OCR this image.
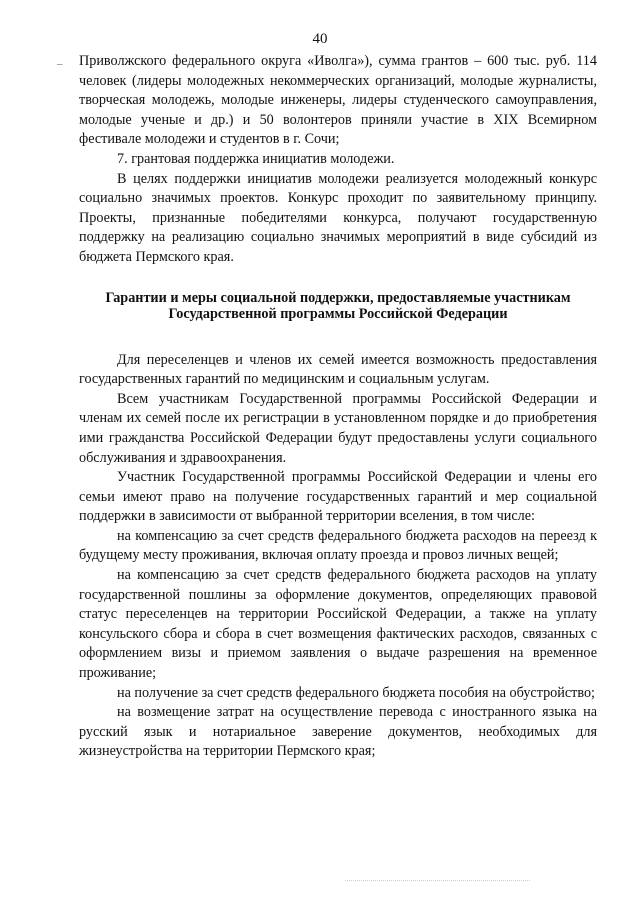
40
– Приволжского федерального округа «Иволга»), сумма грантов – 600 тыс. руб. 114 человек (лидеры молодежных некоммерческих организаций, молодые журналисты, творческая молодежь, молодые инженеры, лидеры студенческого самоуправления, молодые ученые и др.) и 50 волонтеров приняли участие в XIX Всемирном фестивале молодежи и студентов в г. Сочи;

7. грантовая поддержка инициатив молодежи.

В целях поддержки инициатив молодежи реализуется молодежный конкурс социально значимых проектов. Конкурс проходит по заявительному принципу. Проекты, признанные победителями конкурса, получают государственную поддержку на реализацию социально значимых мероприятий в виде субсидий из бюджета Пермского края.

Гарантии и меры социальной поддержки, предоставляемые участникам Государственной программы Российской Федерации

Для переселенцев и членов их семей имеется возможность предоставления государственных гарантий по медицинским и социальным услугам.

Всем участникам Государственной программы Российской Федерации и членам их семей после их регистрации в установленном порядке и до приобретения ими гражданства Российской Федерации будут предоставлены услуги социального обслуживания и здравоохранения.

Участник Государственной программы Российской Федерации и члены его семьи имеют право на получение государственных гарантий и мер социальной поддержки в зависимости от выбранной территории вселения, в том числе:

на компенсацию за счет средств федерального бюджета расходов на переезд к будущему месту проживания, включая оплату проезда и провоз личных вещей;

на компенсацию за счет средств федерального бюджета расходов на уплату государственной пошлины за оформление документов, определяющих правовой статус переселенцев на территории Российской Федерации, а также на уплату консульского сбора и сбора в счет возмещения фактических расходов, связанных с оформлением визы и приемом заявления о выдаче разрешения на временное проживание;

на получение за счет средств федерального бюджета пособия на обустройство;

на возмещение затрат на осуществление перевода с иностранного языка на русский язык и нотариальное заверение документов, необходимых для жизнеустройства на территории Пермского края;
